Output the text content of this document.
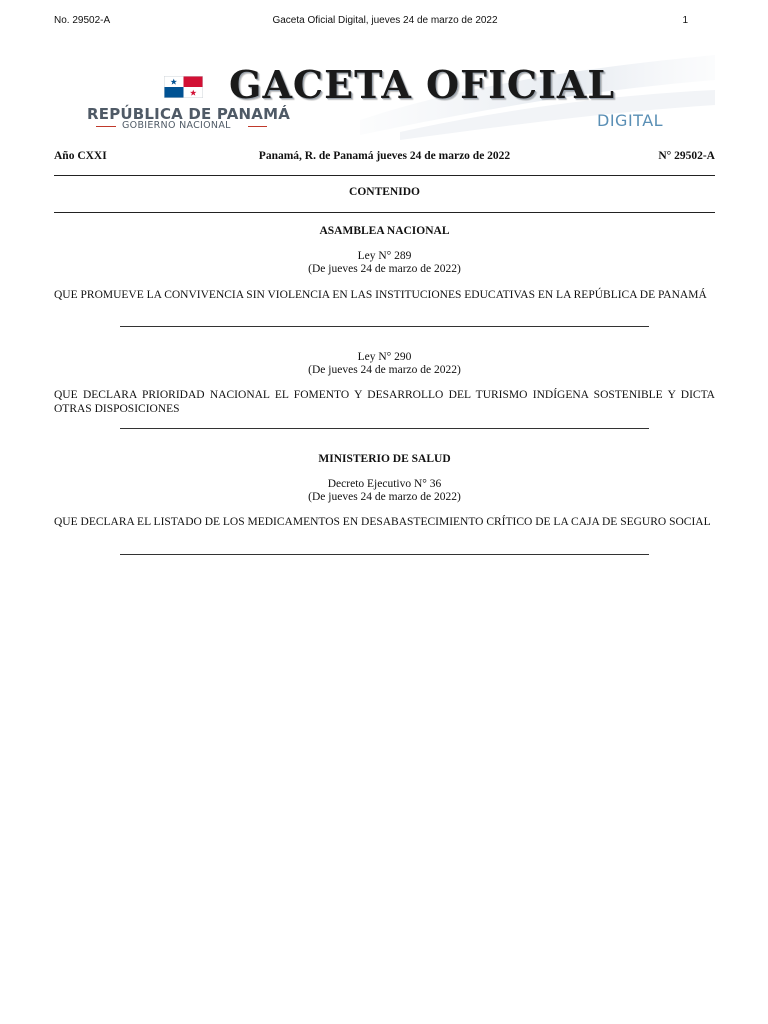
No. 29502-A	Gaceta Oficial Digital, jueves 24 de marzo de 2022	1
GACETA OFICIAL
REPÚBLICA DE PANAMÁ
GOBIERNO NACIONAL	DIGITAL
Año CXXI	Panamá, R. de Panamá jueves 24 de marzo de 2022	N° 29502-A
CONTENIDO
ASAMBLEA NACIONAL
Ley N° 289
(De jueves 24 de marzo de 2022)
QUE PROMUEVE LA CONVIVENCIA SIN VIOLENCIA EN LAS INSTITUCIONES EDUCATIVAS EN LA REPÚBLICA DE PANAMÁ
Ley N° 290
(De jueves 24 de marzo de 2022)
QUE DECLARA PRIORIDAD NACIONAL EL FOMENTO Y DESARROLLO DEL TURISMO INDÍGENA SOSTENIBLE Y DICTA OTRAS DISPOSICIONES
MINISTERIO DE SALUD
Decreto Ejecutivo N° 36
(De jueves 24 de marzo de 2022)
QUE DECLARA EL LISTADO DE LOS MEDICAMENTOS EN DESABASTECIMIENTO CRÍTICO DE LA CAJA DE SEGURO SOCIAL
